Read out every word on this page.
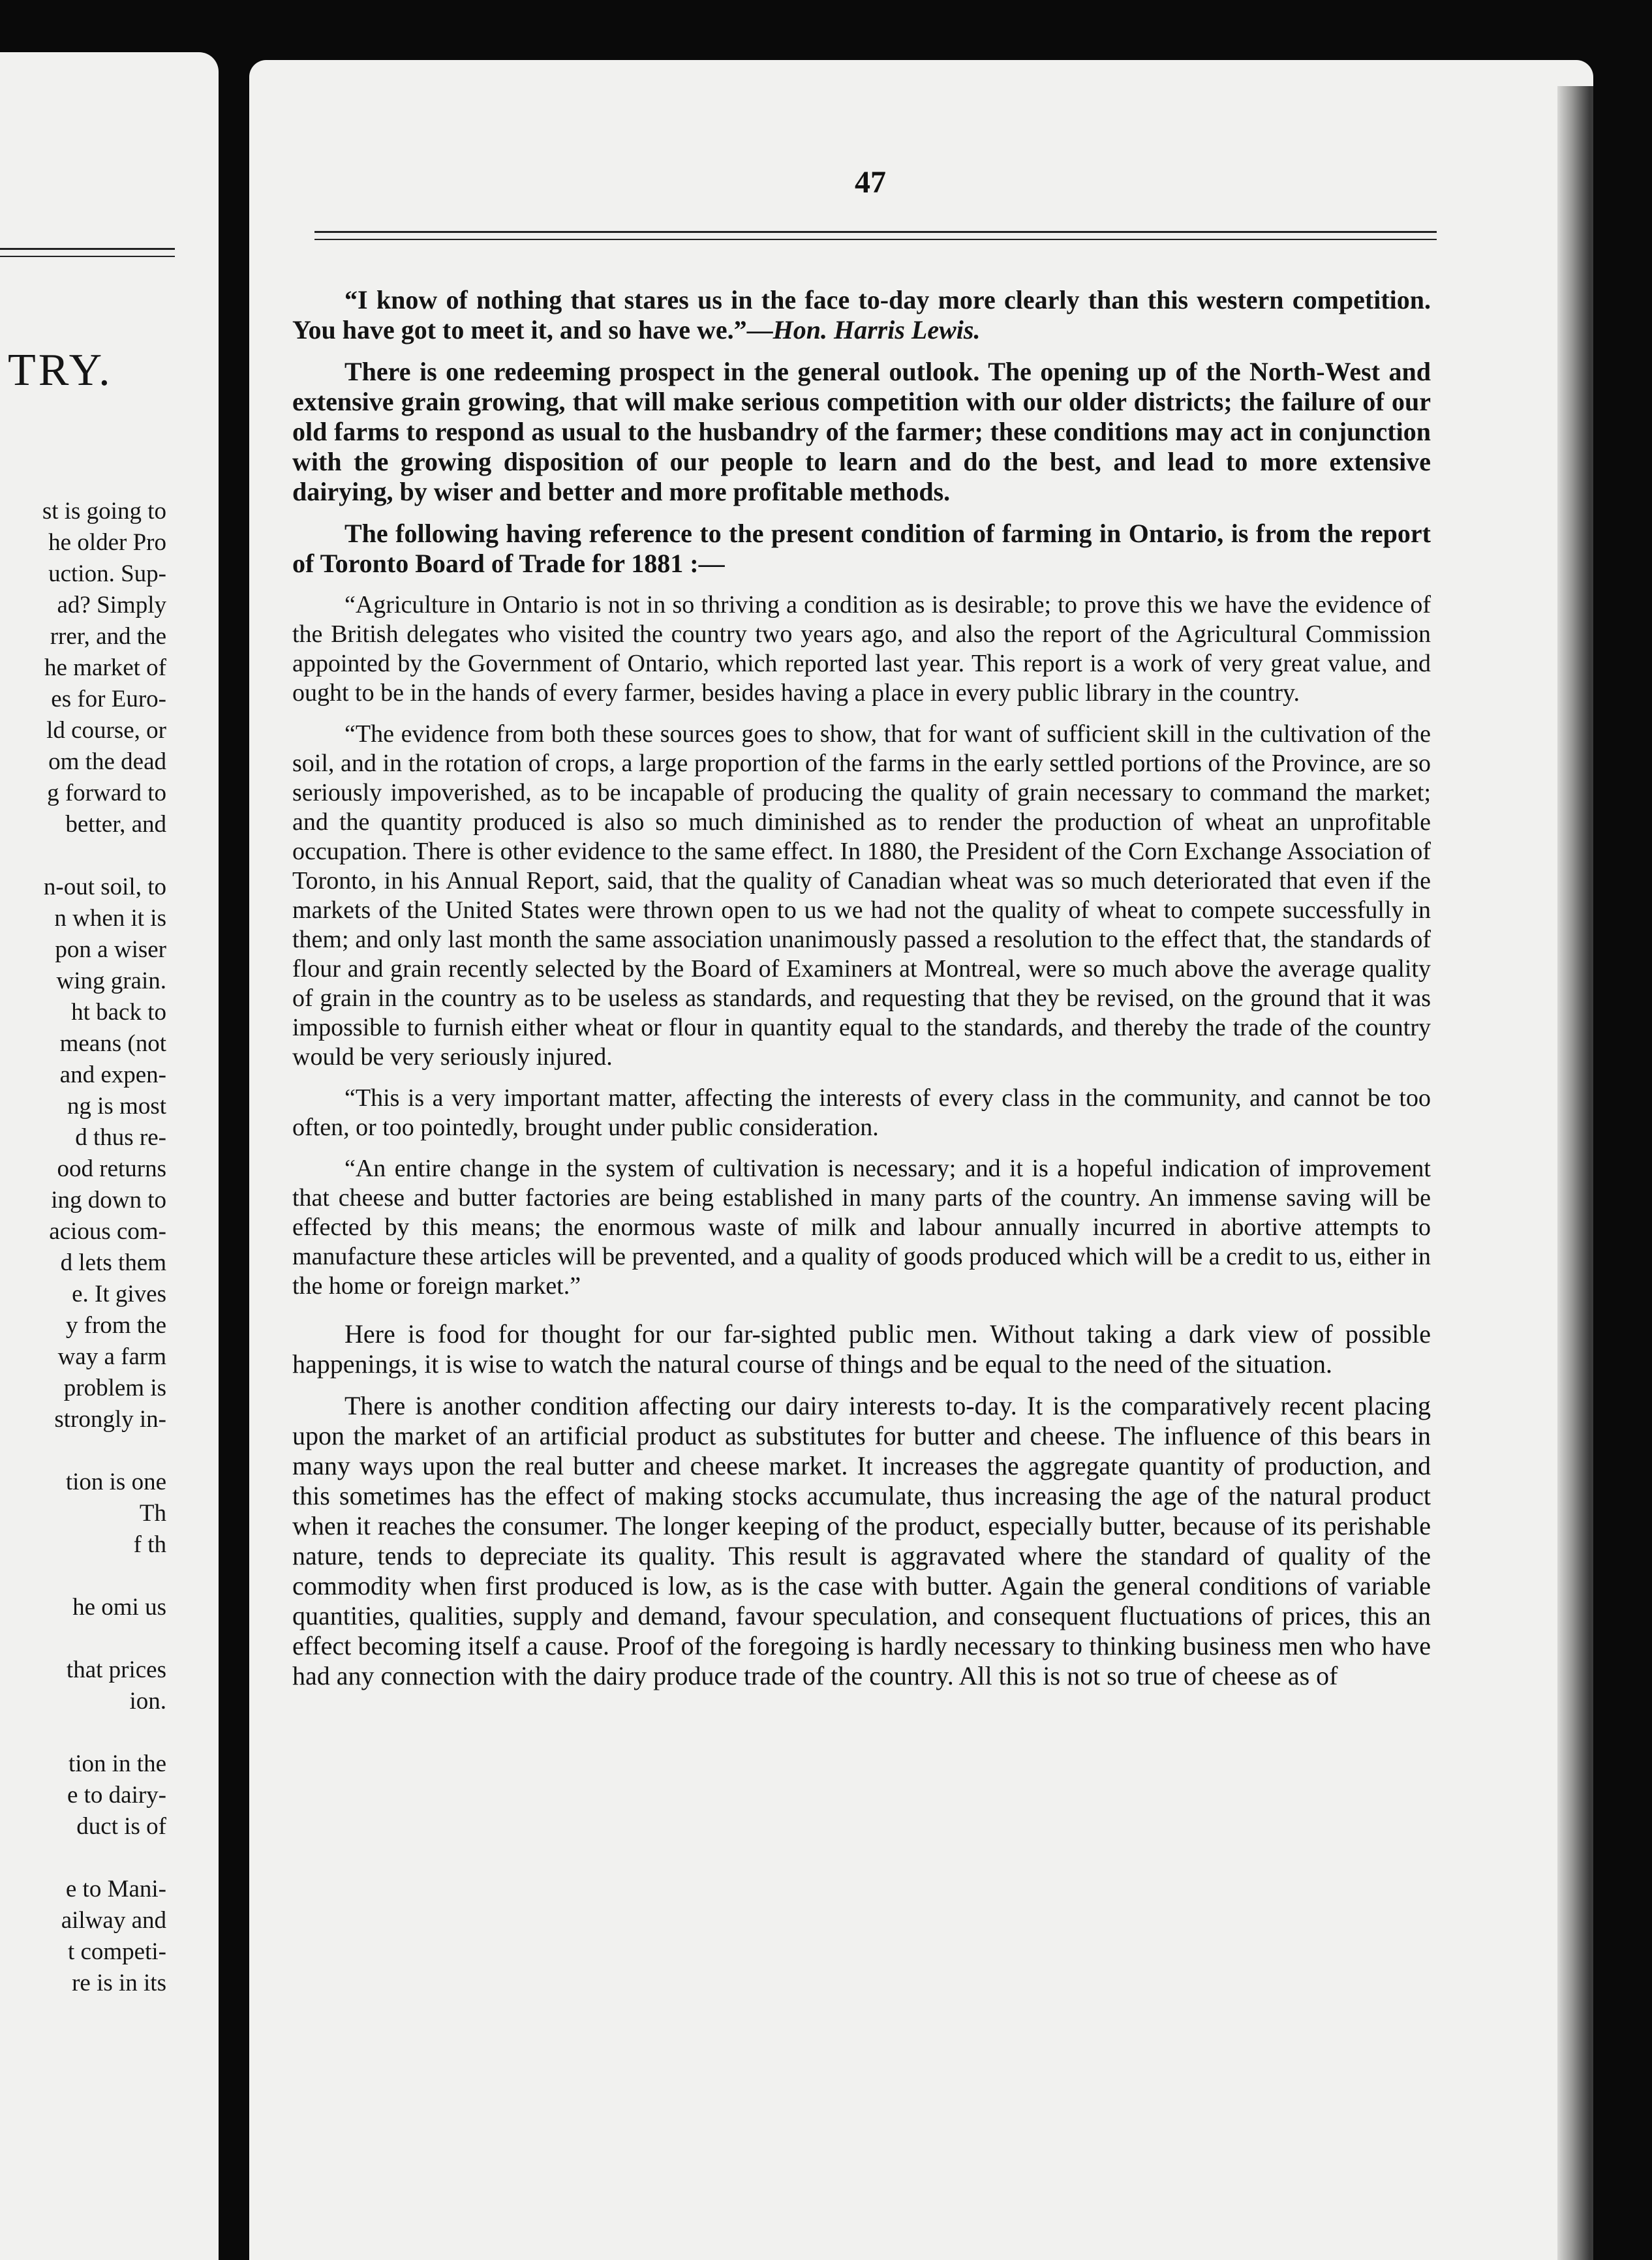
TRY.
st is going to
he older Pro
uction. Sup-
ad? Simply
rrer, and the
he market of
es for Euro-
ld course, or
om the dead
g forward to
better, and
n-out soil, to
n when it is
pon a wiser
wing grain.
ht back to
means (not
and expen-
ng is most
d thus re-
ood returns
ing down to
acious com-
d lets them
e. It gives
y from the
way a farm
problem is
strongly in-
tion is one
Th
f th
he omi us
that prices
ion.
tion in the
e to dairy-
duct is of
e to Mani-
ailway and
t competi-
re is in its
47

“I know of nothing that stares us in the face to-day more clearly than this western competition. You have got to meet it, and so have we.”—Hon. Harris Lewis.

There is one redeeming prospect in the general outlook. The opening up of the North-West and extensive grain growing, that will make serious competition with our older districts; the failure of our old farms to respond as usual to the husbandry of the farmer; these conditions may act in conjunction with the growing disposition of our people to learn and do the best, and lead to more extensive dairying, by wiser and better and more profitable methods.

The following having reference to the present condition of farming in Ontario, is from the report of Toronto Board of Trade for 1881 :—

“Agriculture in Ontario is not in so thriving a condition as is desirable; to prove this we have the evidence of the British delegates who visited the country two years ago, and also the report of the Agricultural Commission appointed by the Government of Ontario, which reported last year. This report is a work of very great value, and ought to be in the hands of every farmer, besides having a place in every public library in the country.

“The evidence from both these sources goes to show, that for want of sufficient skill in the cultivation of the soil, and in the rotation of crops, a large proportion of the farms in the early settled portions of the Province, are so seriously impoverished, as to be incapable of producing the quality of grain necessary to command the market; and the quantity produced is also so much diminished as to render the production of wheat an unprofitable occupation. There is other evidence to the same effect. In 1880, the President of the Corn Exchange Association of Toronto, in his Annual Report, said, that the quality of Canadian wheat was so much deteriorated that even if the markets of the United States were thrown open to us we had not the quality of wheat to compete successfully in them; and only last month the same association unanimously passed a resolution to the effect that, the standards of flour and grain recently selected by the Board of Examiners at Montreal, were so much above the average quality of grain in the country as to be useless as standards, and requesting that they be revised, on the ground that it was impossible to furnish either wheat or flour in quantity equal to the standards, and thereby the trade of the country would be very seriously injured.

“This is a very important matter, affecting the interests of every class in the community, and cannot be too often, or too pointedly, brought under public consideration.

“An entire change in the system of cultivation is necessary; and it is a hopeful indication of improvement that cheese and butter factories are being established in many parts of the country. An immense saving will be effected by this means; the enormous waste of milk and labour annually incurred in abortive attempts to manufacture these articles will be prevented, and a quality of goods produced which will be a credit to us, either in the home or foreign market.”

Here is food for thought for our far-sighted public men. Without taking a dark view of possible happenings, it is wise to watch the natural course of things and be equal to the need of the situation.

There is another condition affecting our dairy interests to-day. It is the comparatively recent placing upon the market of an artificial product as substitutes for butter and cheese. The influence of this bears in many ways upon the real butter and cheese market. It increases the aggregate quantity of production, and this sometimes has the effect of making stocks accumulate, thus increasing the age of the natural product when it reaches the consumer. The longer keeping of the product, especially butter, because of its perishable nature, tends to depreciate its quality. This result is aggravated where the standard of quality of the commodity when first produced is low, as is the case with butter. Again the general conditions of variable quantities, qualities, supply and demand, favour speculation, and consequent fluctuations of prices, this an effect becoming itself a cause. Proof of the foregoing is hardly necessary to thinking business men who have had any connection with the dairy produce trade of the country. All this is not so true of cheese as of
